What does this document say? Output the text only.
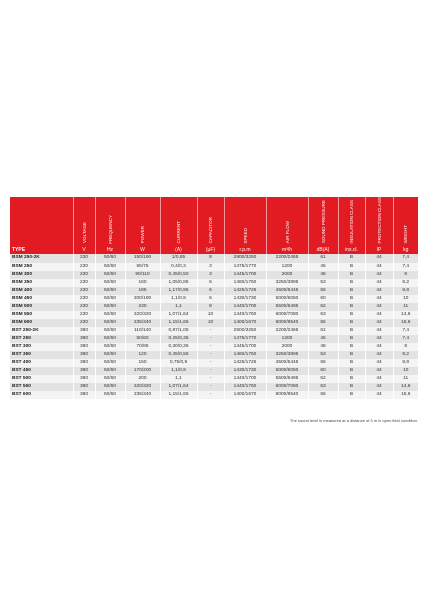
	VOLTAGE	FREQUENCY	POWER	CURRENT	CAPACITOR	SPEED	AIR FLOW	SOUND PRESSURE	INSULATION CLASS	PROTECTION CLASS	WEIGHT
TYPE	V	Hz	W	(A)	(µF)	r.p.m	m³/h	dB(A)	ins.cl.	IP	kg
BSM 250-2K	230	50/60	150/190	1/0,85	8	2900/3250	2200/2465	61	B	44	7,4
BSM 250	230	50/60	65/75	0,4/0,3	3	1475/1770	1200	45	B	44	7,4
BSM 300	230	50/60	90/110	0,45/0,50	3	1445/1700	2000	48	B	44	8
BSM 350	230	50/60	160	1,05/0,85	6	1460/1750	3250/3895	53	B	44	8,2
BSM 400	230	50/60	185	1,17/0,95	6	1425/1725	4500/5445	56	B	44	8,8
BSM 450	230	50/60	200/190	1,1/0,9	6	1430/1730	5000/6050	60	B	44	10
BSM 500	230	50/60	230	1,1	8	1440/1700	5500/6495	62	B	44	11
BSM 550	230	50/60	220/320	1,07/1,64	10	1440/1760	6000/7080	63	B	44	14,6
BSM 600	230	50/60	235/340	1,15/1,65	10	1400/1670	8000/9540	65	B	44	15,6
BST 250-2K	380	50/60	110/140	0,87/1,05	-	2900/3250	2200/2465	61	B	44	7,4
BST 250	380	50/60	50/60	0,25/0,35	-	1475/1770	1200	45	B	44	7,4
BST 300	380	50/60	70/85	0,30/0,36	-	1445/1700	2000	48	B	44	8
BST 350	380	50/60	120	0,45/0,55	-	1460/1750	3250/3895	53	B	44	8,2
BST 400	380	50/60	150	0,75/0,9	-	1425/1725	4500/5445	56	B	44	8,8
BST 450	380	50/60	170/200	1,1/0,9	-	1430/1730	5000/6050	60	B	44	10
BST 500	380	50/60	200	1,1	-	1440/1700	5500/6495	62	B	44	11
BST 550	380	50/60	220/320	1,07/1,64	-	1440/1760	6000/7080	63	B	44	14,6
BST 600	380	50/60	235/340	1,15/1,65	-	1400/1670	8000/9540	65	B	44	15,6
The sound level is measured at a distance of 3 m in open field condition.
